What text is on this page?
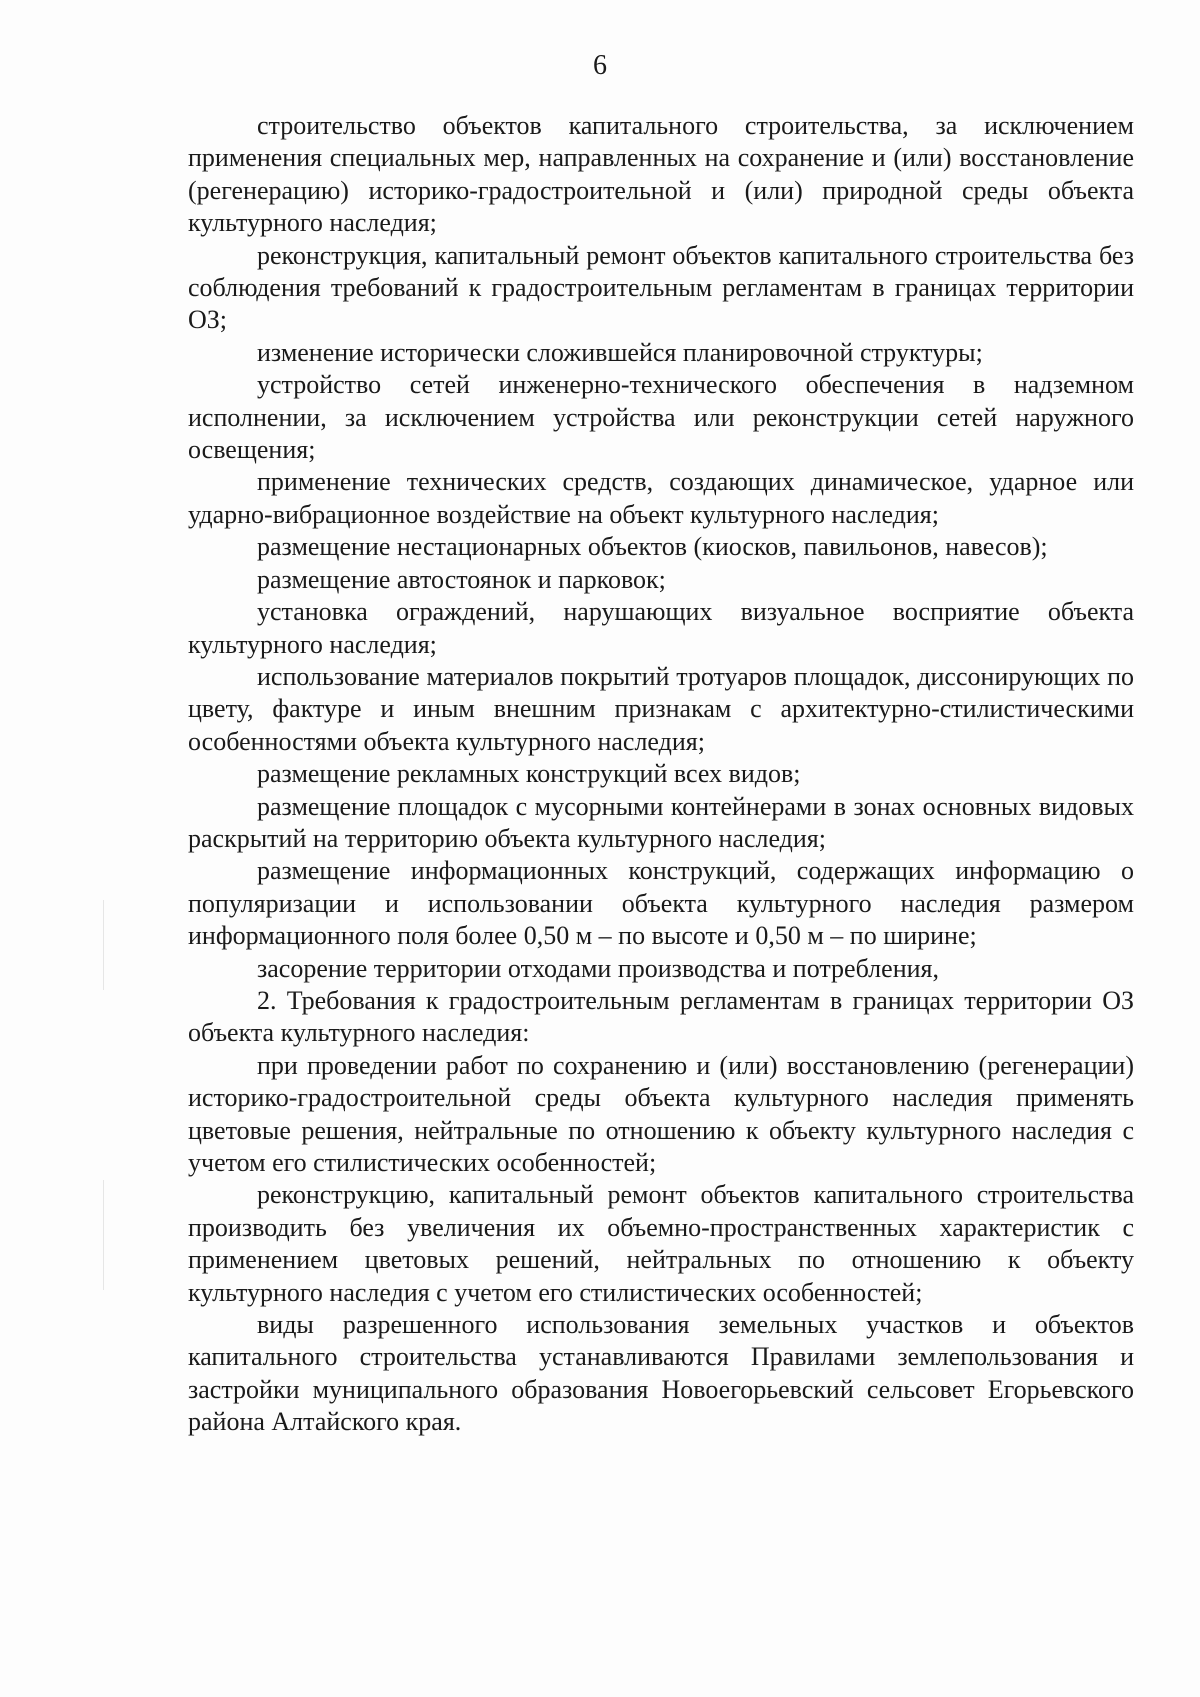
6

строительство объектов капитального строительства, за исключением применения специальных мер, направленных на сохранение и (или) восстановление (регенерацию) историко-градостроительной и (или) природной среды объекта культурного наследия;

реконструкция, капитальный ремонт объектов капитального строительства без соблюдения требований к градостроительным регламентам в границах территории ОЗ;

изменение исторически сложившейся планировочной структуры;

устройство сетей инженерно-технического обеспечения в надземном исполнении, за исключением устройства или реконструкции сетей наружного освещения;

применение технических средств, создающих динамическое, ударное или ударно-вибрационное воздействие на объект культурного наследия;

размещение нестационарных объектов (киосков, павильонов, навесов);

размещение автостоянок и парковок;

установка ограждений, нарушающих визуальное восприятие объекта культурного наследия;

использование материалов покрытий тротуаров площадок, диссонирующих по цвету, фактуре и иным внешним признакам с архитектурно-стилистическими особенностями объекта культурного наследия;

размещение рекламных конструкций всех видов;

размещение площадок с мусорными контейнерами в зонах основных видовых раскрытий на территорию объекта культурного наследия;

размещение информационных конструкций, содержащих информацию о популяризации и использовании объекта культурного наследия размером информационного поля более 0,50 м – по высоте и 0,50 м – по ширине;

засорение территории отходами производства и потребления,

2. Требования к градостроительным регламентам в границах территории ОЗ объекта культурного наследия:

при проведении работ по сохранению и (или) восстановлению (регенерации) историко-градостроительной среды объекта культурного наследия применять цветовые решения, нейтральные по отношению к объекту культурного наследия с учетом его стилистических особенностей;

реконструкцию, капитальный ремонт объектов капитального строительства производить без увеличения их объемно-пространственных характеристик с применением цветовых решений, нейтральных по отношению к объекту культурного наследия с учетом его стилистических особенностей;

виды разрешенного использования земельных участков и объектов капитального строительства устанавливаются Правилами землепользования и застройки муниципального образования Новоегорьевский сельсовет Егорьевского района Алтайского края.
